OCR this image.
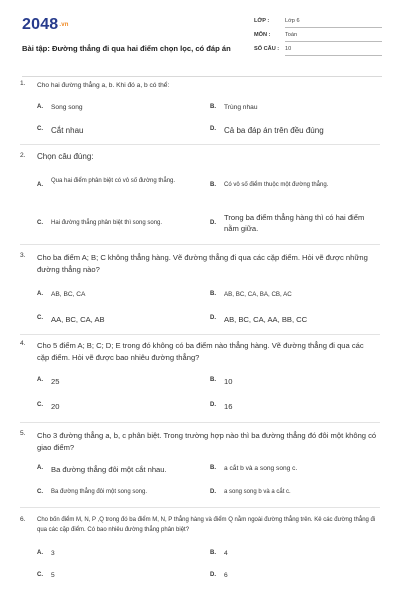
2048.vn
Bài tập: Đường thẳng đi qua hai điểm chọn lọc, có đáp án
LỚP :	Lớp 6
MÔN :	Toán
SỐ CÂU : 10
1. Cho hai đường thẳng a, b. Khi đó a, b có thể:
A. Song song	B. Trùng nhau
C. Cắt nhau	D. Cả ba đáp án trên đều đúng
2. Chọn câu đúng:
A.
Qua hai điểm phân biệt có vô số đường thẳng.
B. Có vô số điểm thuộc một đường thẳng.
C. Hai đường thẳng phân biệt thì song song.	D.
Trong ba điểm thẳng hàng thì có hai điểm nằm giữa.
3. Cho ba điểm A; B; C không thẳng hàng. Vẽ đường thẳng đi qua các cặp điểm. Hỏi vẽ được những đường thẳng nào?
A. AB, BC, CA	B. AB, BC, CA, BA, CB, AC
C. AA, BC, CA, AB	D. AB, BC, CA, AA, BB, CC
4. Cho 5 điểm A; B; C; D; E trong đó không có ba điểm nào thẳng hàng. Vẽ đường thẳng đi qua các cặp điểm. Hỏi vẽ được bao nhiêu đường thẳng?
A. 25	B. 10
C. 20	D. 16
5. Cho 3 đường thẳng a, b, c phân biệt. Trong trường hợp nào thì ba đường thẳng đó đôi một không có giao điểm?
A. Ba đường thẳng đôi một cắt nhau.	B. a cắt b và a song song c.
C. Ba đường thẳng đôi một song song.	D. a song song b và a cắt c.
6. Cho bốn điểm M, N, P ,Q trong đó ba điểm M, N, P thẳng hàng và điểm Q nằm ngoài đường thẳng trên. Kẻ các đường thẳng đi qua các cặp điểm. Có bao nhiêu đường thẳng phân biệt?
A. 3	B. 4
C. 5	D. 6
